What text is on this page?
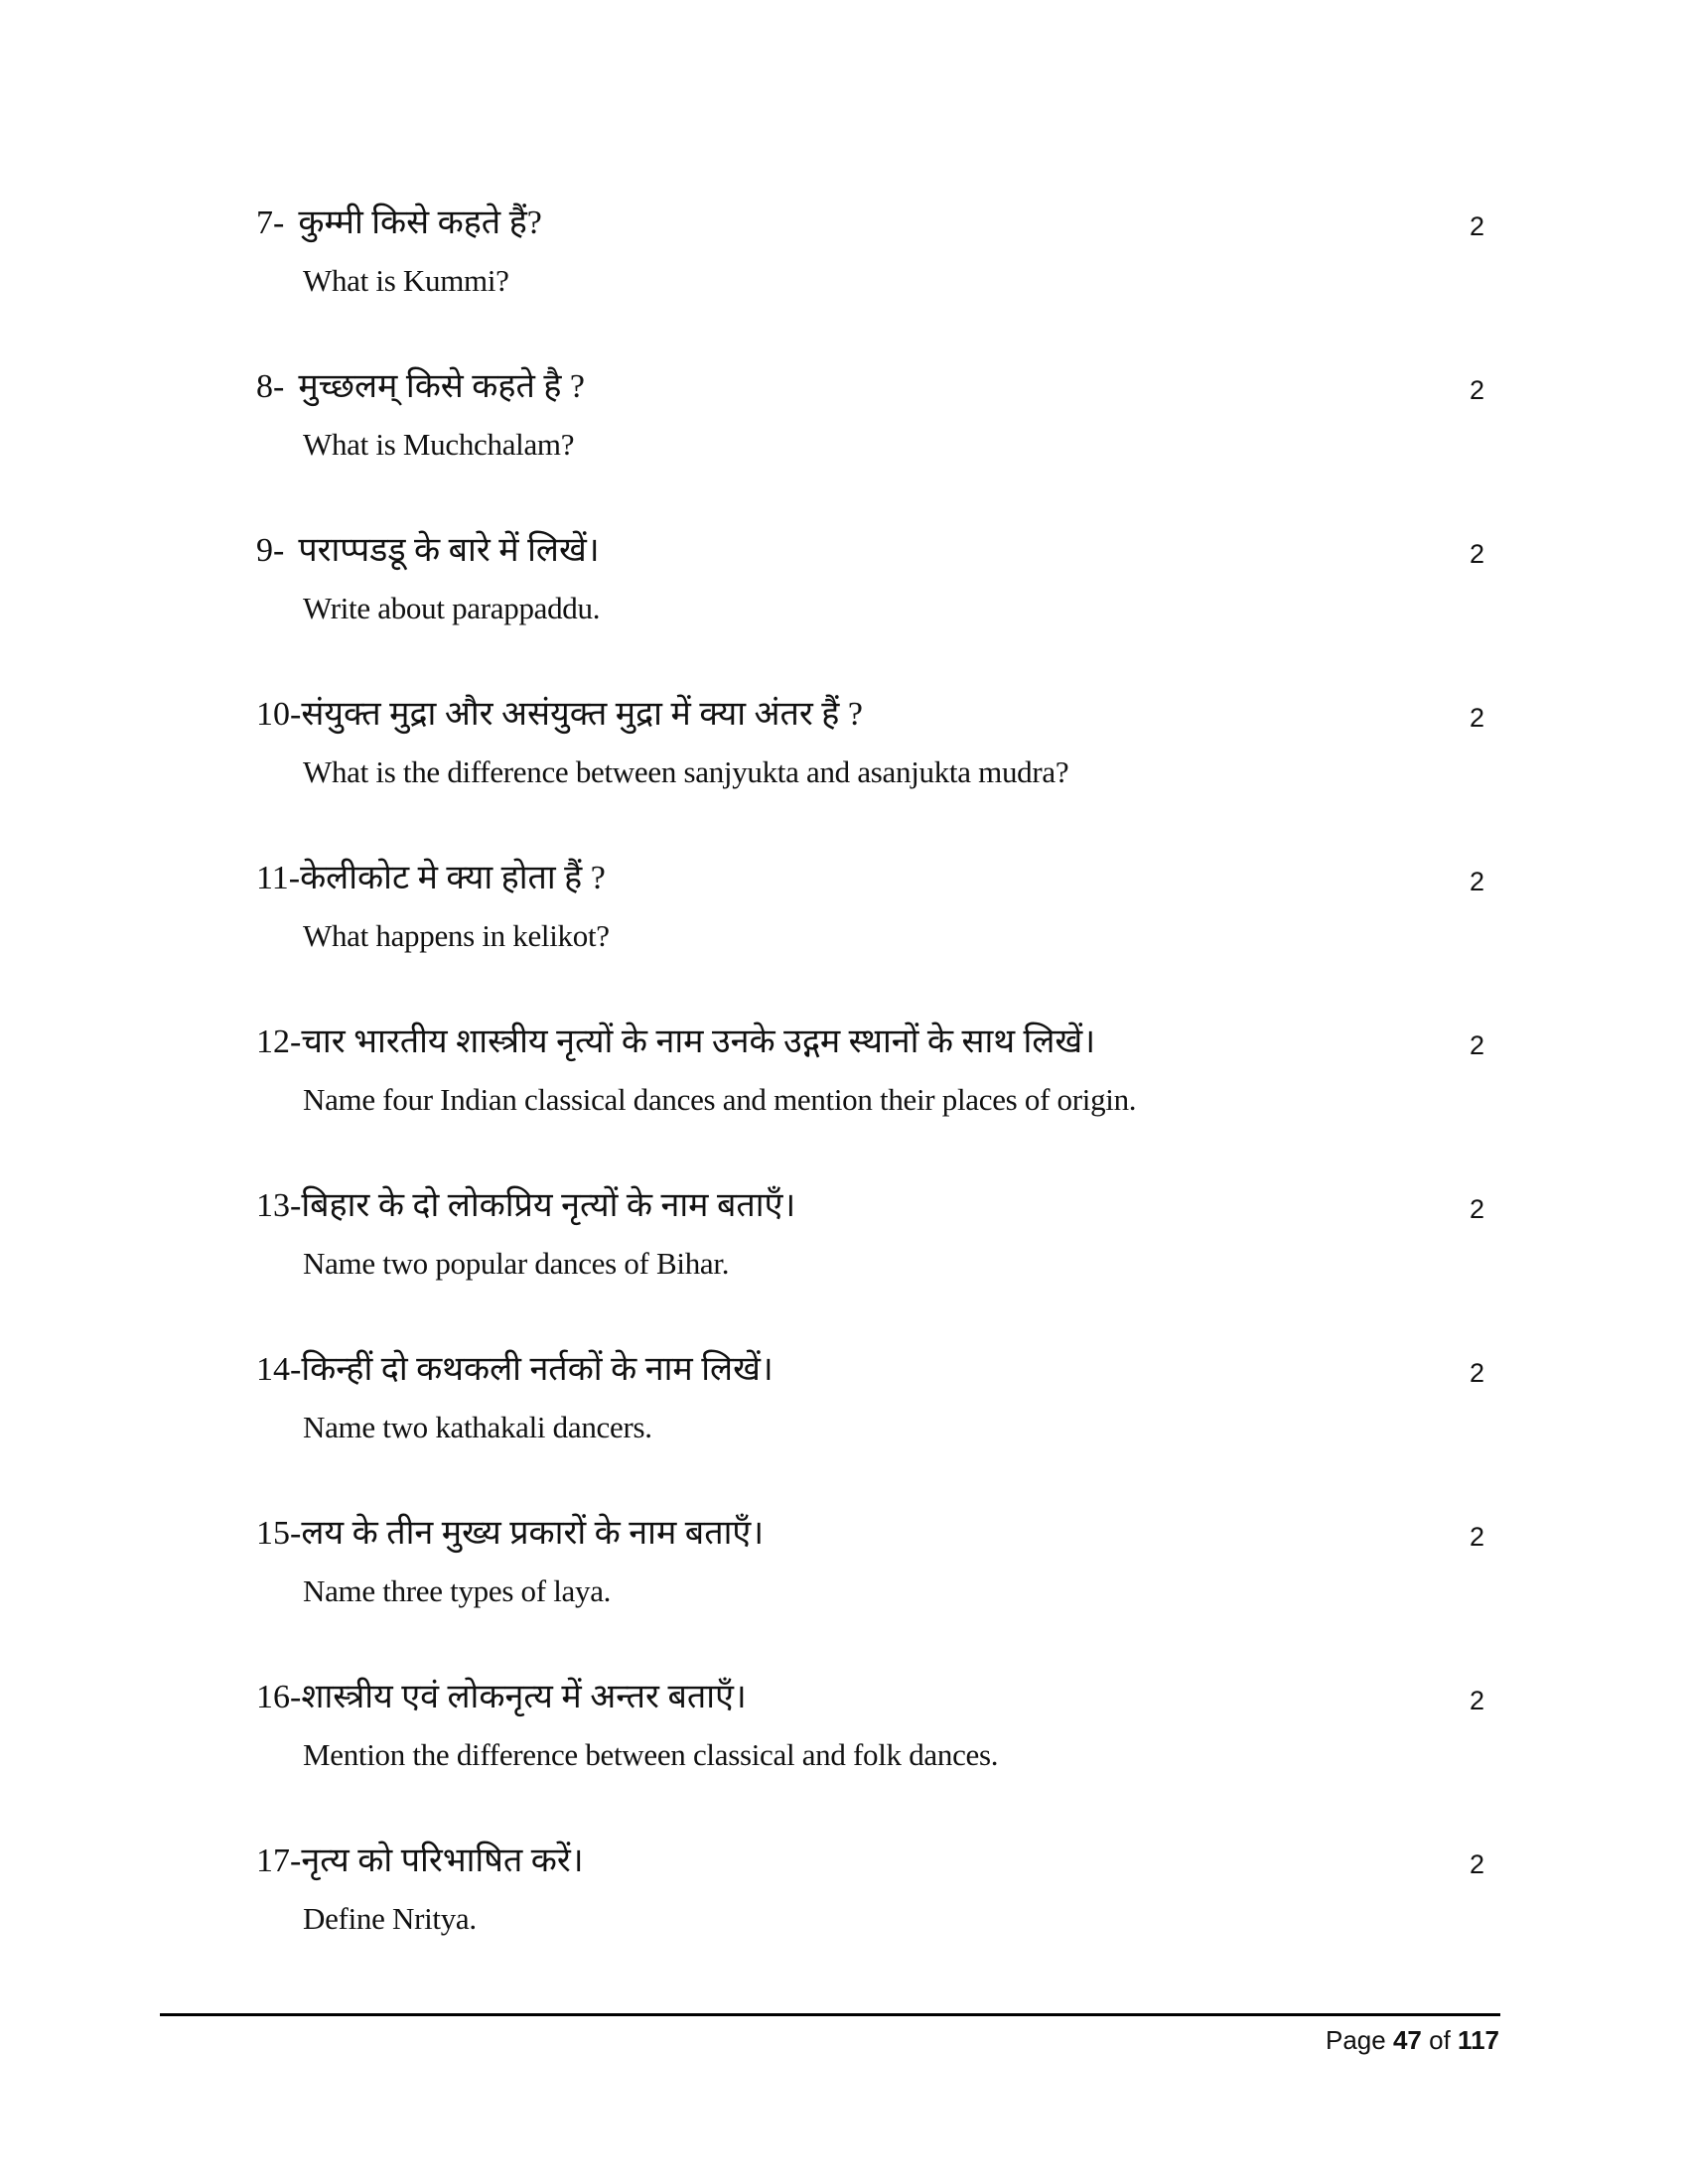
7- कुम्मी किसे कहते हैं?
What is Kummi?
2
8- मुच्छलम् किसे कहते है ?
What is Muchchalam?
2
9- पराप्पडडू के बारे में लिखें।
Write about parappaddu.
2
10-संयुक्त मुद्रा और असंयुक्त मुद्रा में क्या अंतर हैं ?
What is the difference between sanjyukta and asanjukta mudra?
2
11-केलीकोट मे क्या होता हैं ?
What happens in kelikot?
2
12-चार भारतीय शास्त्रीय नृत्यों के नाम उनके उद्गम स्थानों के साथ लिखें।
Name four Indian classical dances and mention their places of origin.
2
13-बिहार के दो लोकप्रिय नृत्यों के नाम बताएँ।
Name two popular dances of Bihar.
2
14-किन्हीं दो कथकली नर्तकों के नाम लिखें।
Name two kathakali dancers.
2
15-लय के तीन मुख्य प्रकारों के नाम बताएँ।
Name three types of laya.
2
16-शास्त्रीय एवं लोकनृत्य में अन्तर बताएँ।
Mention the difference between classical and folk dances.
2
17-नृत्य को परिभाषित करें।
Define Nritya.
2
Page 47 of 117
